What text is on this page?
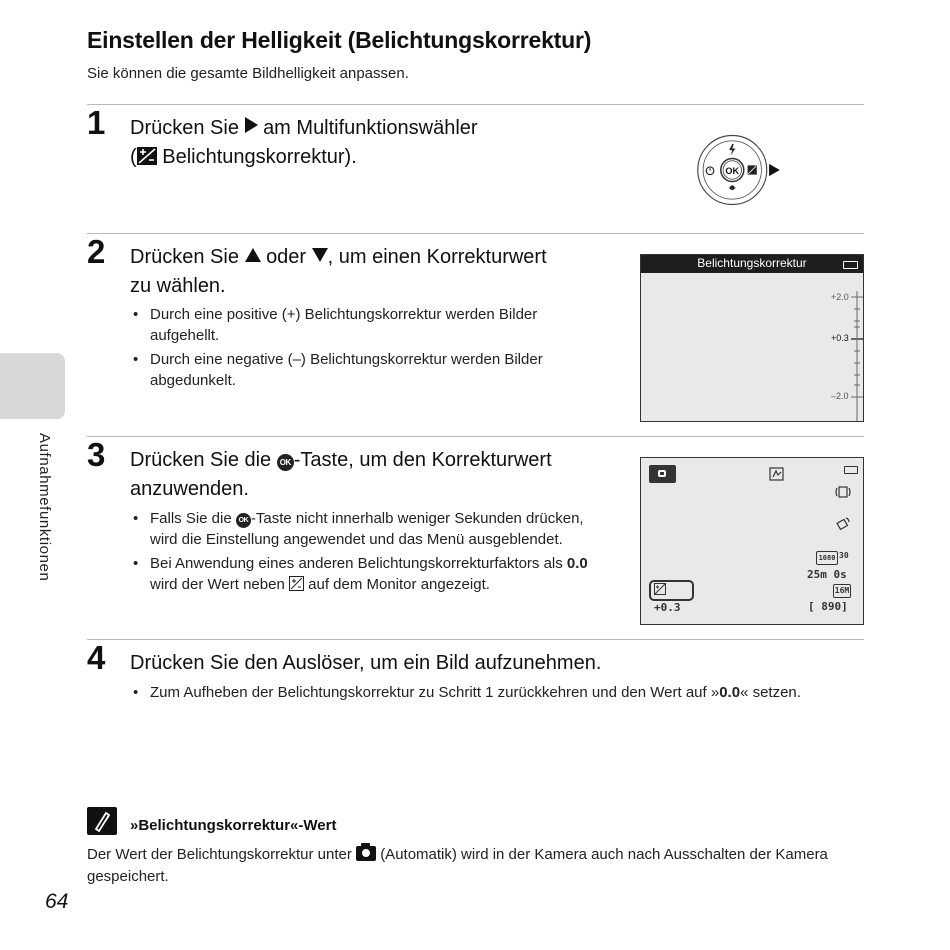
Einstellen der Helligkeit (Belichtungskorrektur)
Sie können die gesamte Bildhelligkeit anpassen.
Aufnahmefunktionen
1 Drücken Sie am Multifunktionswähler
( Belichtungskorrektur).
OK
2 Drücken Sie oder , um einen Korrekturwert
zu wählen.
• Durch eine positive (+) Belichtungskorrektur werden Bilder aufgehellt.
• Durch eine negative (–) Belichtungskorrektur werden Bilder abgedunkelt.
Belichtungskorrektur
+2.0
+0.3
–2.0
3 Drücken Sie die OK -Taste, um den Korrekturwert
anzuwenden.
• Falls Sie die OK -Taste nicht innerhalb weniger Sekunden drücken, wird die Einstellung angewendet und das Menü ausgeblendet.
• Bei Anwendung eines anderen Belichtungskorrekturfaktors als 0.0 wird der Wert neben auf dem Monitor angezeigt.
1080 30
25m 0s
16M
[ 890]
+0.3
4 Drücken Sie den Auslöser, um ein Bild aufzunehmen.
• Zum Aufheben der Belichtungskorrektur zu Schritt 1 zurückkehren und den Wert auf »0.0« setzen.
»Belichtungskorrektur«-Wert
Der Wert der Belichtungskorrektur unter (Automatik) wird in der Kamera auch nach Ausschalten der Kamera gespeichert.
64
